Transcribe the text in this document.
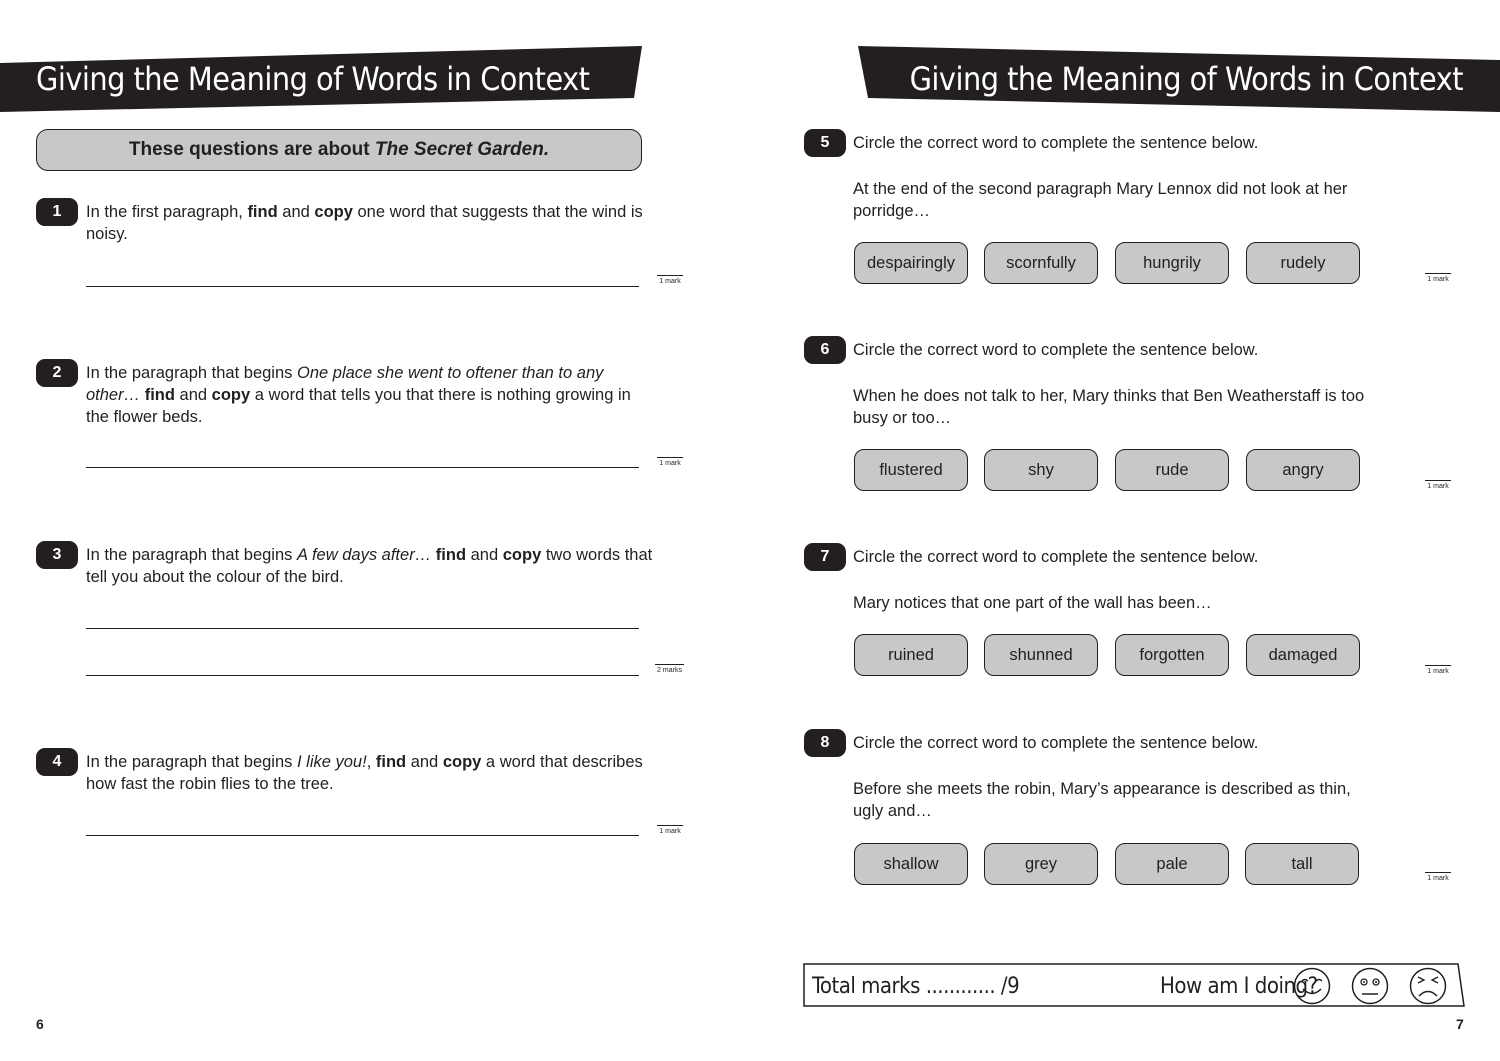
Giving the Meaning of Words in Context
These questions are about The Secret Garden.
1	In the first paragraph, find and copy one word that suggests that the wind is noisy.
1 mark
2	In the paragraph that begins One place she went to oftener than to any other… find and copy a word that tells you that there is nothing growing in the flower beds.
1 mark
3	In the paragraph that begins A few days after… find and copy two words that tell you about the colour of the bird.
2 marks
4	In the paragraph that begins I like you!, find and copy a word that describes how fast the robin flies to the tree.
1 mark
6
Giving the Meaning of Words in Context
5	Circle the correct word to complete the sentence below.
At the end of the second paragraph Mary Lennox did not look at her porridge…
despairingly	scornfully	hungrily	rudely
1 mark
6	Circle the correct word to complete the sentence below.
When he does not talk to her, Mary thinks that Ben Weatherstaff is too busy or too…
flustered	shy	rude	angry
1 mark
7	Circle the correct word to complete the sentence below.
Mary notices that one part of the wall has been…
ruined	shunned	forgotten	damaged
1 mark
8	Circle the correct word to complete the sentence below.
Before she meets the robin, Mary’s appearance is described as thin, ugly and…
shallow	grey	pale	tall
1 mark
Total marks ............ /9	How am I doing?
7
